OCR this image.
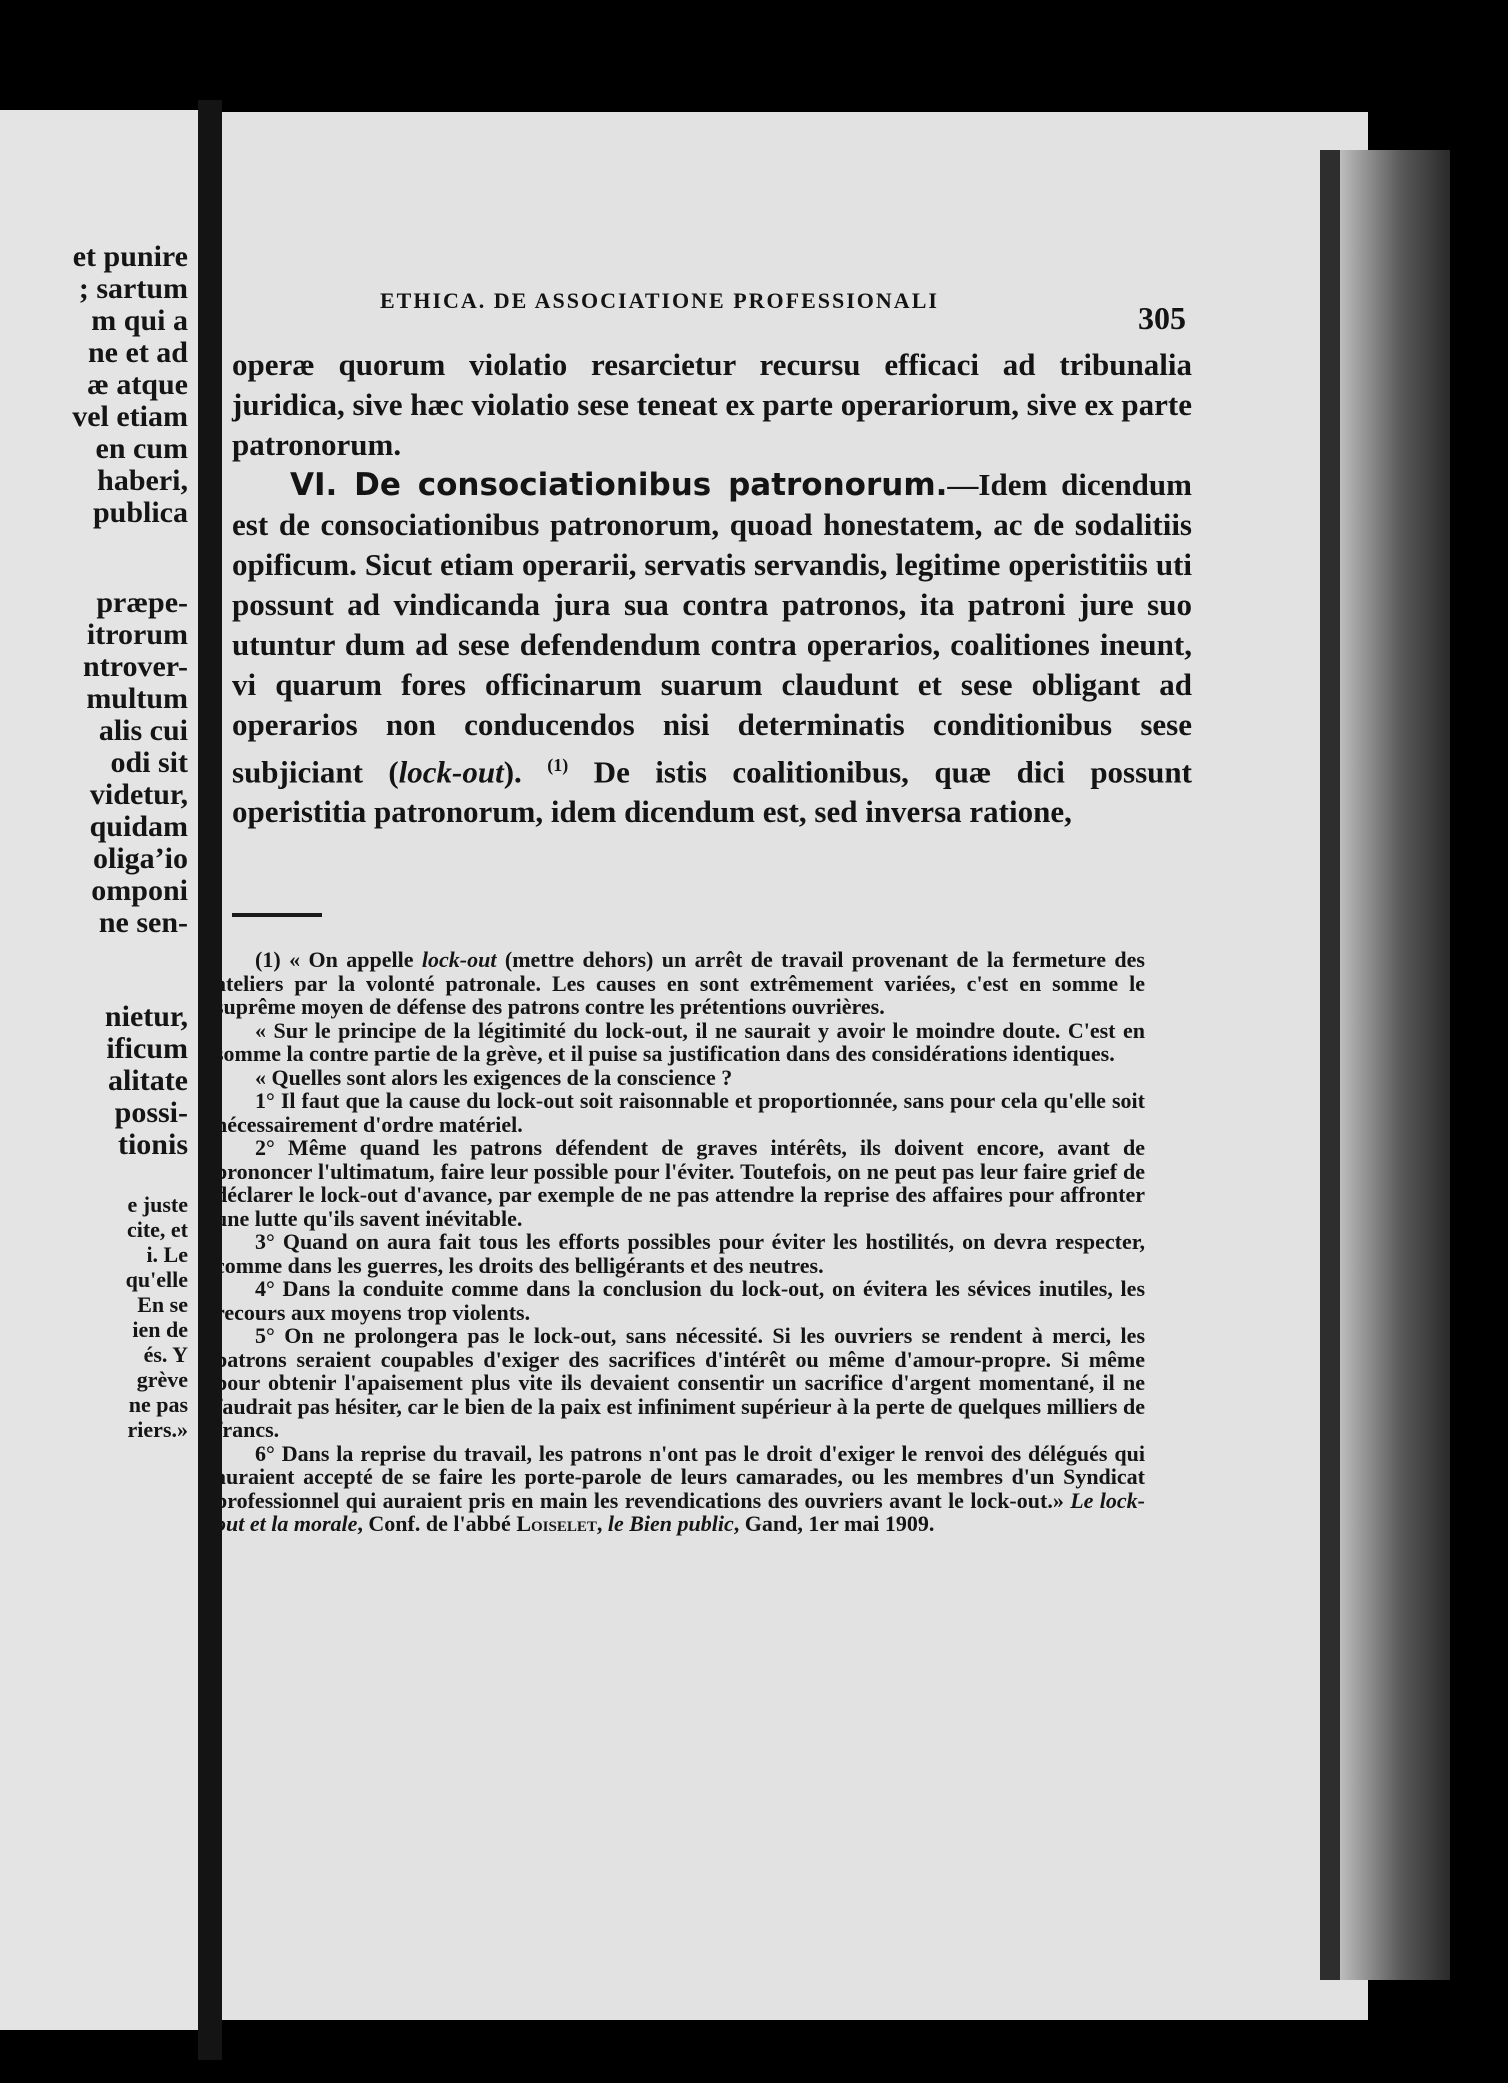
et punire
; sartum
m qui a
ne et ad
æ atque
vel etiam
en cum
haberi,
publica
præpe-
itrorum
ntrover-
multum
alis cui
odi sit
videtur,
quidam
oliga’io
omponi
ne sen-
nietur,
ificum
alitate
possi-
tionis
e juste
cite, et
i. Le
qu'elle
En se
ien de
és. Y
grève
ne pas
riers.»
ETHICA. DE ASSOCIATIONE PROFESSIONALI	305

operæ quorum violatio resarcietur recursu efficaci ad tribunalia juridica, sive hæc violatio sese teneat ex parte operariorum, sive ex parte patronorum.

VI. De consociationibus patronorum.—Idem dicendum est de consociationibus patronorum, quoad honestatem, ac de sodalitiis opificum. Sicut etiam operarii, servatis servandis, legitime operistitiis uti possunt ad vindicanda jura sua contra patronos, ita patroni jure suo utuntur dum ad sese defendendum contra operarios, coalitiones ineunt, vi quarum fores officinarum suarum claudunt et sese obligant ad operarios non conducendos nisi determinatis conditionibus sese subjiciant (lock-out). $^{(1)}$ De istis coalitionibus, quæ dici possunt operistitia patronorum, idem dicendum est, sed inversa ratione,

(1) « On appelle lock-out (mettre dehors) un arrêt de travail provenant de la fermeture des ateliers par la volonté patronale. Les causes en sont extrêmement variées, c'est en somme le suprême moyen de défense des patrons contre les prétentions ouvrières.

« Sur le principe de la légitimité du lock-out, il ne saurait y avoir le moindre doute. C'est en somme la contre partie de la grève, et il puise sa justification dans des considérations identiques.

« Quelles sont alors les exigences de la conscience ?

1° Il faut que la cause du lock-out soit raisonnable et proportionnée, sans pour cela qu'elle soit nécessairement d'ordre matériel.

2° Même quand les patrons défendent de graves intérêts, ils doivent encore, avant de prononcer l'ultimatum, faire leur possible pour l'éviter. Toutefois, on ne peut pas leur faire grief de déclarer le lock-out d'avance, par exemple de ne pas attendre la reprise des affaires pour affronter une lutte qu'ils savent inévitable.

3° Quand on aura fait tous les efforts possibles pour éviter les hostilités, on devra respecter, comme dans les guerres, les droits des belligérants et des neutres.

4° Dans la conduite comme dans la conclusion du lock-out, on évitera les sévices inutiles, les recours aux moyens trop violents.

5° On ne prolongera pas le lock-out, sans nécessité. Si les ouvriers se rendent à merci, les patrons seraient coupables d'exiger des sacrifices d'intérêt ou même d'amour-propre. Si même pour obtenir l'apaisement plus vite ils devaient consentir un sacrifice d'argent momentané, il ne faudrait pas hésiter, car le bien de la paix est infiniment supérieur à la perte de quelques milliers de francs.

6° Dans la reprise du travail, les patrons n'ont pas le droit d'exiger le renvoi des délégués qui auraient accepté de se faire les porte-parole de leurs camarades, ou les membres d'un Syndicat professionnel qui auraient pris en main les revendications des ouvriers avant le lock-out.» Le lock-out et la morale, Conf. de l'abbé Loiselet, le Bien public, Gand, 1er mai 1909.
